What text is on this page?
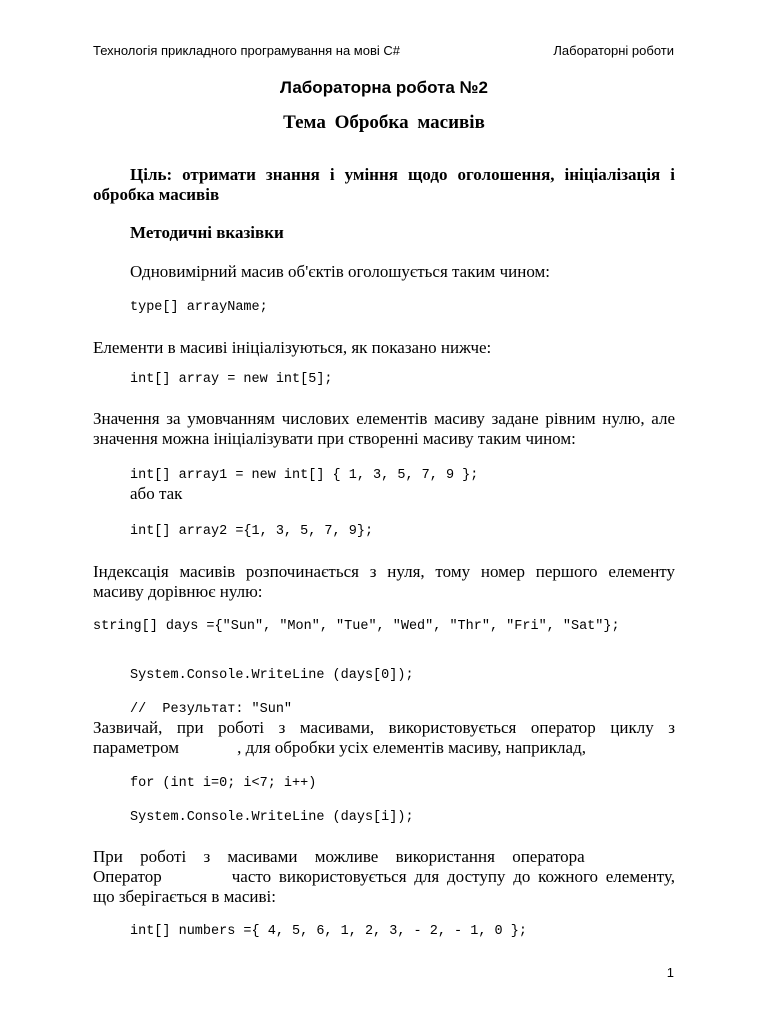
Технологія прикладного програмування на мові C#	Лабораторні роботи
Лабораторна робота №2
Тема Обробка масивів
Ціль: отримати знання і уміння щодо оголошення, ініціалізація і обробка масивів
Методичні вказівки
Одновимірний масив об'єктів оголошується таким чином:
type[] arrayName;
Елементи в масиві ініціалізуються, як показано нижче:
int[] array = new int[5];
Значення за умовчанням числових елементів масиву задане рівним нулю, але значення можна ініціалізувати при створенні масиву таким чином:
int[] array1 = new int[] { 1, 3, 5, 7, 9 };
або так
int[] array2 ={1, 3, 5, 7, 9};
Індексація масивів розпочинається з нуля, тому номер першого елементу масиву дорівнює нулю:
string[] days ={"Sun", "Mon", "Tue", "Wed", "Thr", "Fri", "Sat"};
System.Console.WriteLine (days[0]);
//  Результат: "Sun"
Зазвичай, при роботі з масивами, використовується оператор циклу з параметром	, для обробки усіх елементів масиву, наприклад,
for (int i=0; i<7; i++)
System.Console.WriteLine (days[i]);
При роботі з масивами можливе використання оператора
Оператор	часто використовується для доступу до кожного елементу, що зберігається в масиві:
int[] numbers ={ 4, 5, 6, 1, 2, 3, - 2, - 1, 0 };
1
